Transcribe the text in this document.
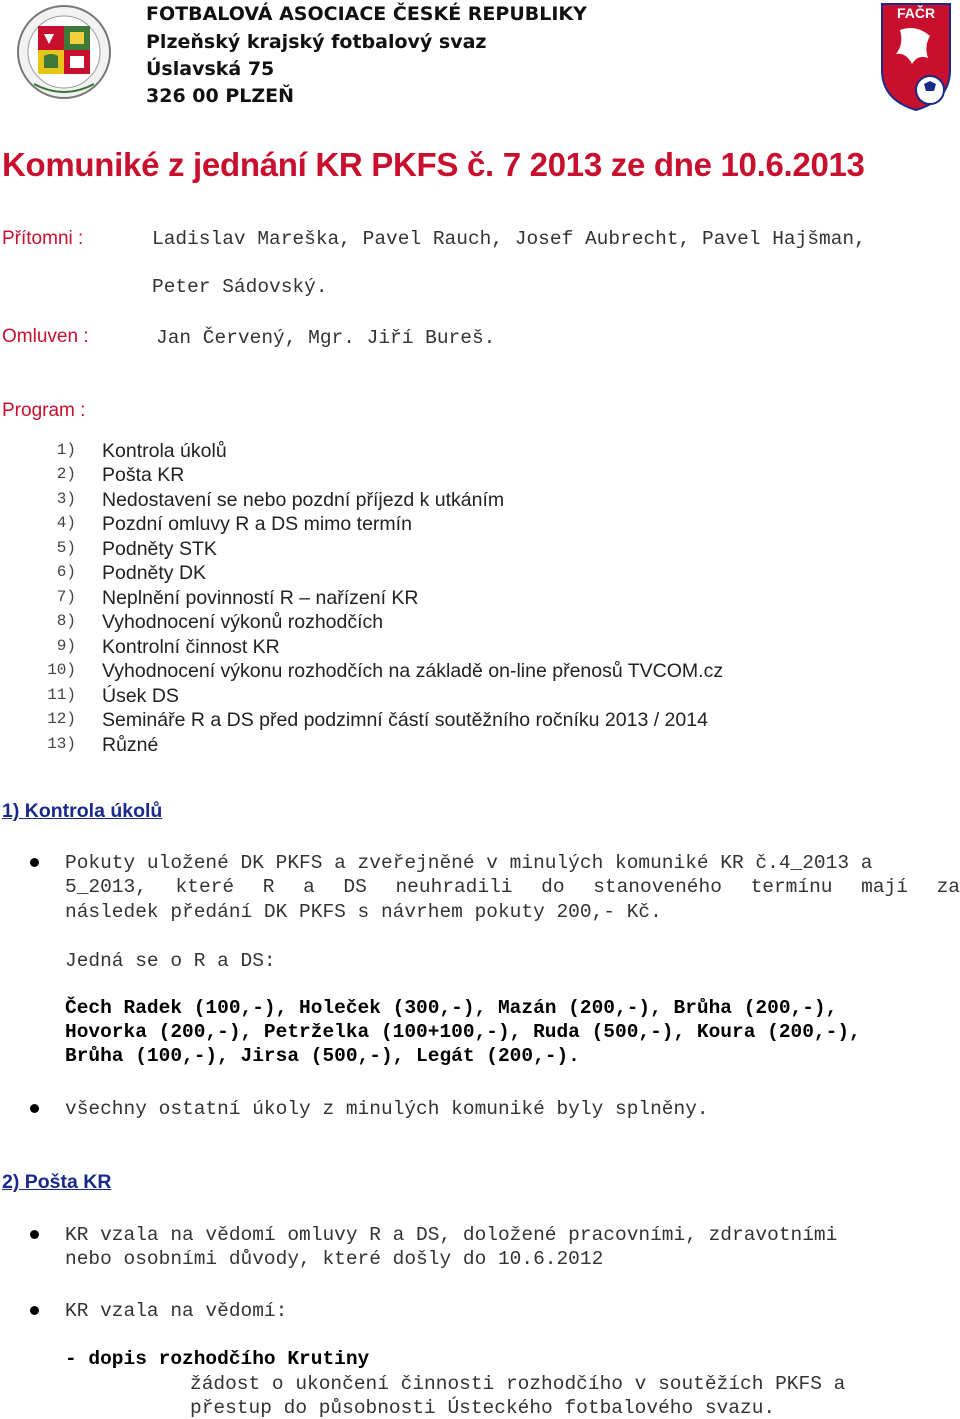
FOTBALOVÁ ASOCIACE ČESKÉ REPUBLIKY
Plzeňský krajský fotbalový svaz
Úslavská 75
326 00 PLZEŇ
FAČR
Komuniké z jednání KR PKFS č. 7 2013 ze dne 10.6.2013
Přítomni :	Ladislav Mareška, Pavel Rauch, Josef Aubrecht, Pavel Hajšman,
Peter Sádovský.
Omluven :	Jan Červený, Mgr. Jiří Bureš.
Program :
1) Kontrola úkolů
2) Pošta KR
3) Nedostavení se nebo pozdní příjezd k utkáním
4) Pozdní omluvy R a DS mimo termín
5) Podněty STK
6) Podněty DK
7) Neplnění povinností R – nařízení KR
8) Vyhodnocení výkonů rozhodčích
9) Kontrolní činnost KR
10) Vyhodnocení výkonu rozhodčích na základě on-line přenosů TVCOM.cz
11) Úsek DS
12) Semináře R a DS před podzimní částí soutěžního ročníku 2013 / 2014
13) Různé
1) Kontrola úkolů
Pokuty uložené DK PKFS a zveřejněné v minulých komuniké KR č.4_2013 a
5_2013, které R a DS neuhradili do stanoveného termínu mají za
následek předání DK PKFS s návrhem pokuty 200,- Kč.
Jedná se o R a DS:
Čech Radek (100,-), Holeček (300,-), Mazán (200,-), Brůha (200,-),
Hovorka (200,-), Petrželka (100+100,-), Ruda (500,-), Koura (200,-),
Brůha (100,-), Jirsa (500,-), Legát (200,-).
všechny ostatní úkoly z minulých komuniké byly splněny.
2) Pošta KR
KR vzala na vědomí omluvy R a DS, doložené pracovními, zdravotními
nebo osobními důvody, které došly do 10.6.2012
KR vzala na vědomí:
- dopis rozhodčího Krutiny
žádost o ukončení činnosti rozhodčího v soutěžích PKFS a
přestup do působnosti Ústeckého fotbalového svazu.
